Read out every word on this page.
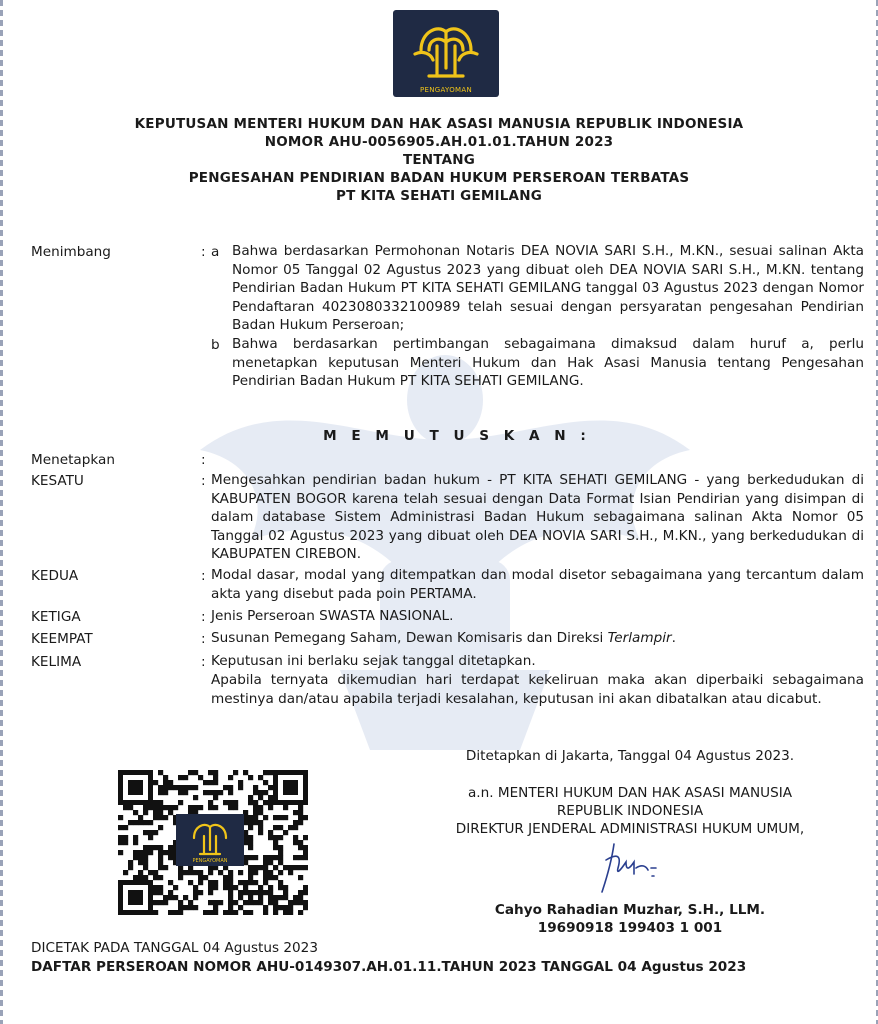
PENGAYOMAN
KEPUTUSAN MENTERI HUKUM DAN HAK ASASI MANUSIA REPUBLIK INDONESIA
NOMOR AHU-0056905.AH.01.01.TAHUN 2023
TENTANG
PENGESAHAN PENDIRIAN BADAN HUKUM PERSEROAN TERBATAS
PT KITA SEHATI GEMILANG
Menimbang	: a Bahwa berdasarkan Permohonan Notaris DEA NOVIA SARI S.H., M.KN., sesuai salinan Akta Nomor 05 Tanggal 02 Agustus 2023 yang dibuat oleh DEA NOVIA SARI S.H., M.KN. tentang Pendirian Badan Hukum PT KITA SEHATI GEMILANG tanggal 03 Agustus 2023 dengan Nomor Pendaftaran 4023080332100989 telah sesuai dengan persyaratan pengesahan Pendirian Badan Hukum Perseroan;
b Bahwa berdasarkan pertimbangan sebagaimana dimaksud dalam huruf a, perlu menetapkan keputusan Menteri Hukum dan Hak Asasi Manusia tentang Pengesahan Pendirian Badan Hukum PT KITA SEHATI GEMILANG.
M E M U T U S K A N :
Menetapkan	:
KESATU	: Mengesahkan pendirian badan hukum - PT KITA SEHATI GEMILANG - yang berkedudukan di KABUPATEN BOGOR karena telah sesuai dengan Data Format Isian Pendirian yang disimpan di dalam database Sistem Administrasi Badan Hukum sebagaimana salinan Akta Nomor 05 Tanggal 02 Agustus 2023 yang dibuat oleh DEA NOVIA SARI S.H., M.KN., yang berkedudukan di KABUPATEN CIREBON.
KEDUA	: Modal dasar, modal yang ditempatkan dan modal disetor sebagaimana yang tercantum dalam akta yang disebut pada poin PERTAMA.
KETIGA	: Jenis Perseroan SWASTA NASIONAL.
KEEMPAT	: Susunan Pemegang Saham, Dewan Komisaris dan Direksi Terlampir.
KELIMA	: Keputusan ini berlaku sejak tanggal ditetapkan.
Apabila ternyata dikemudian hari terdapat kekeliruan maka akan diperbaiki sebagaimana mestinya dan/atau apabila terjadi kesalahan, keputusan ini akan dibatalkan atau dicabut.
Ditetapkan di Jakarta, Tanggal 04 Agustus 2023.
a.n. MENTERI HUKUM DAN HAK ASASI MANUSIA
REPUBLIK INDONESIA
DIREKTUR JENDERAL ADMINISTRASI HUKUM UMUM,
Cahyo Rahadian Muzhar, S.H., LLM.
19690918 199403 1 001
PENGAYOMAN
DICETAK PADA TANGGAL 04 Agustus 2023
DAFTAR PERSEROAN NOMOR AHU-0149307.AH.01.11.TAHUN 2023 TANGGAL 04 Agustus 2023
